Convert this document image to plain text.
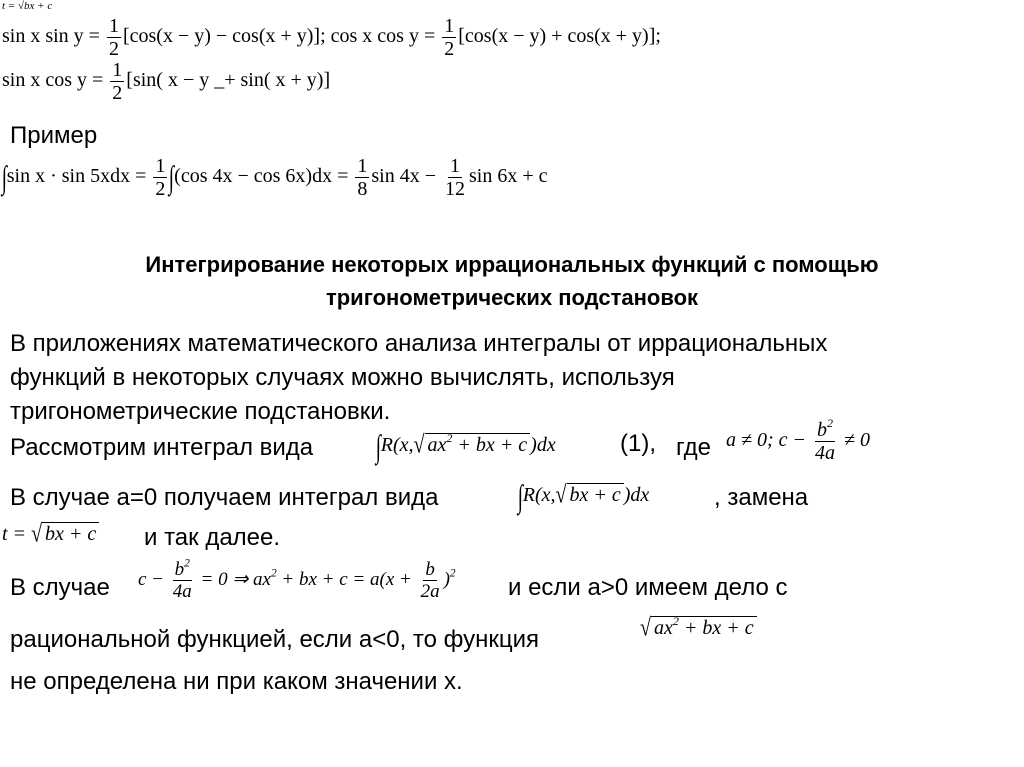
t = √bx + c
sin x $\sin y = \frac{1}{2} [\cos(x - y) - \cos(x + y)]$; cos x $\cos y = \frac{1}{2} [\cos(x - y) + \cos(x + y)]$;
sin x $\cos y = \frac{1}{2} [\sin$( x − y _+ sin( x + y)]
Пример
∫sin $x \cdot \sin 5xdx = \frac{1}{2} \int(\cos$ $4x - \cos 6x)dx = \frac{1}{8}$ $\sin 4x - \frac{1}{12}$ sin 6x + c
Интегрирование некоторых иррациональных функций с помощью
тригонометрических подстановок
В приложениях математического анализа интегралы от иррациональных
функций в некоторых случаях можно вычислять, используя
тригонометрические подстановки.
Рассмотрим интеграл вида ∫R(x,√ $ax^2$ + bx + c )dx	(1), где a ≠ 0; $c - \frac{b^2}{4a} \ne 0$
В случае a=0 получаем интеграл вида ∫R(x,√ bx + c )dx	, замена
t = √ bx + c и так далее.
В случае $c - \frac{b^2}{4a} = 0$ ⇒ $ax^2$ + bx + $c = a(x + \frac{b}{2a} )^2$
и если a>0 имеем дело с
рациональной функцией, если a<0, то функция	√ $ax^2$ + bx + c
не определена ни при каком значении x.
